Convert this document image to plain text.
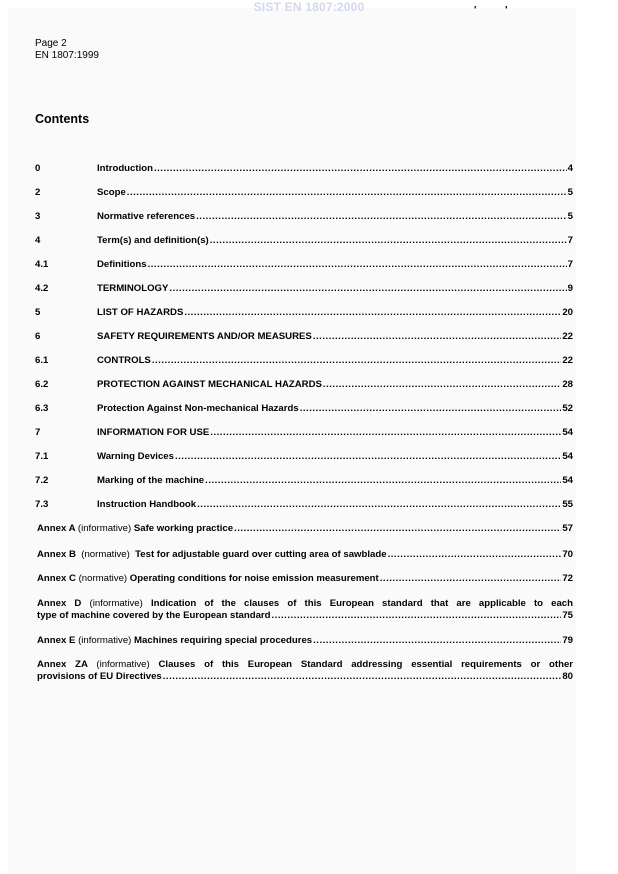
SIST EN 1807:2000	' '
Page 2
EN 1807:1999
Contents
0	Introduction .....	4
2	Scope .....	5
3	Normative references .....	5
4	Term(s) and definition(s) .....	7
4.1	Definitions .....	7
4.2	TERMINOLOGY .....	9
5	LIST OF HAZARDS .....	20
6	SAFETY REQUIREMENTS AND/OR MEASURES .....	22
6.1	CONTROLS .....	22
6.2	PROTECTION AGAINST MECHANICAL HAZARDS .....	28
6.3	Protection Against Non-mechanical Hazards .....	52
7	INFORMATION FOR USE .....	54
7.1	Warning Devices .....	54
7.2	Marking of the machine .....	54
7.3	Instruction Handbook .....	55
Annex A (informative) Safe working practice .....	57
Annex B (normative) Test for adjustable guard over cutting area of sawblade .....	70
Annex C (normative) Operating conditions for noise emission measurement .....	72
Annex D (informative) Indication of the clauses of this European standard that are applicable to each
type of machine covered by the European standard .....	75
Annex E (informative) Machines requiring special procedures .....	79
Annex ZA (informative) Clauses of this European Standard addressing essential requirements or other
provisions of EU Directives .....	80
